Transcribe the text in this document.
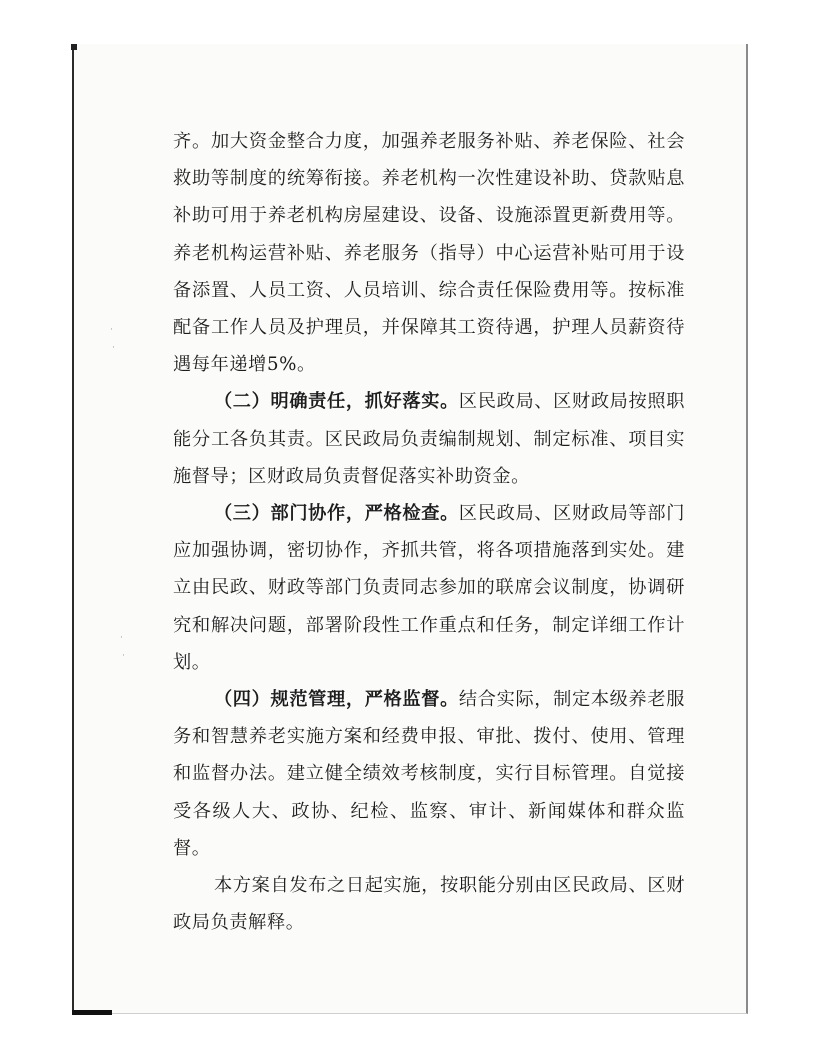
·
·
·
·

齐。加大资金整合力度，加强养老服务补贴、养老保险、社会救助等制度的统筹衔接。养老机构一次性建设补助、贷款贴息补助可用于养老机构房屋建设、设备、设施添置更新费用等。养老机构运营补贴、养老服务（指导）中心运营补贴可用于设备添置、人员工资、人员培训、综合责任保险费用等。按标准配备工作人员及护理员，并保障其工资待遇，护理人员薪资待遇每年递增5%。

（二）明确责任，抓好落实。区民政局、区财政局按照职能分工各负其责。区民政局负责编制规划、制定标准、项目实施督导；区财政局负责督促落实补助资金。

（三）部门协作，严格检查。区民政局、区财政局等部门应加强协调，密切协作，齐抓共管，将各项措施落到实处。建立由民政、财政等部门负责同志参加的联席会议制度，协调研究和解决问题，部署阶段性工作重点和任务，制定详细工作计划。

（四）规范管理，严格监督。结合实际，制定本级养老服务和智慧养老实施方案和经费申报、审批、拨付、使用、管理和监督办法。建立健全绩效考核制度，实行目标管理。自觉接受各级人大、政协、纪检、监察、审计、新闻媒体和群众监督。

本方案自发布之日起实施，按职能分别由区民政局、区财政局负责解释。
